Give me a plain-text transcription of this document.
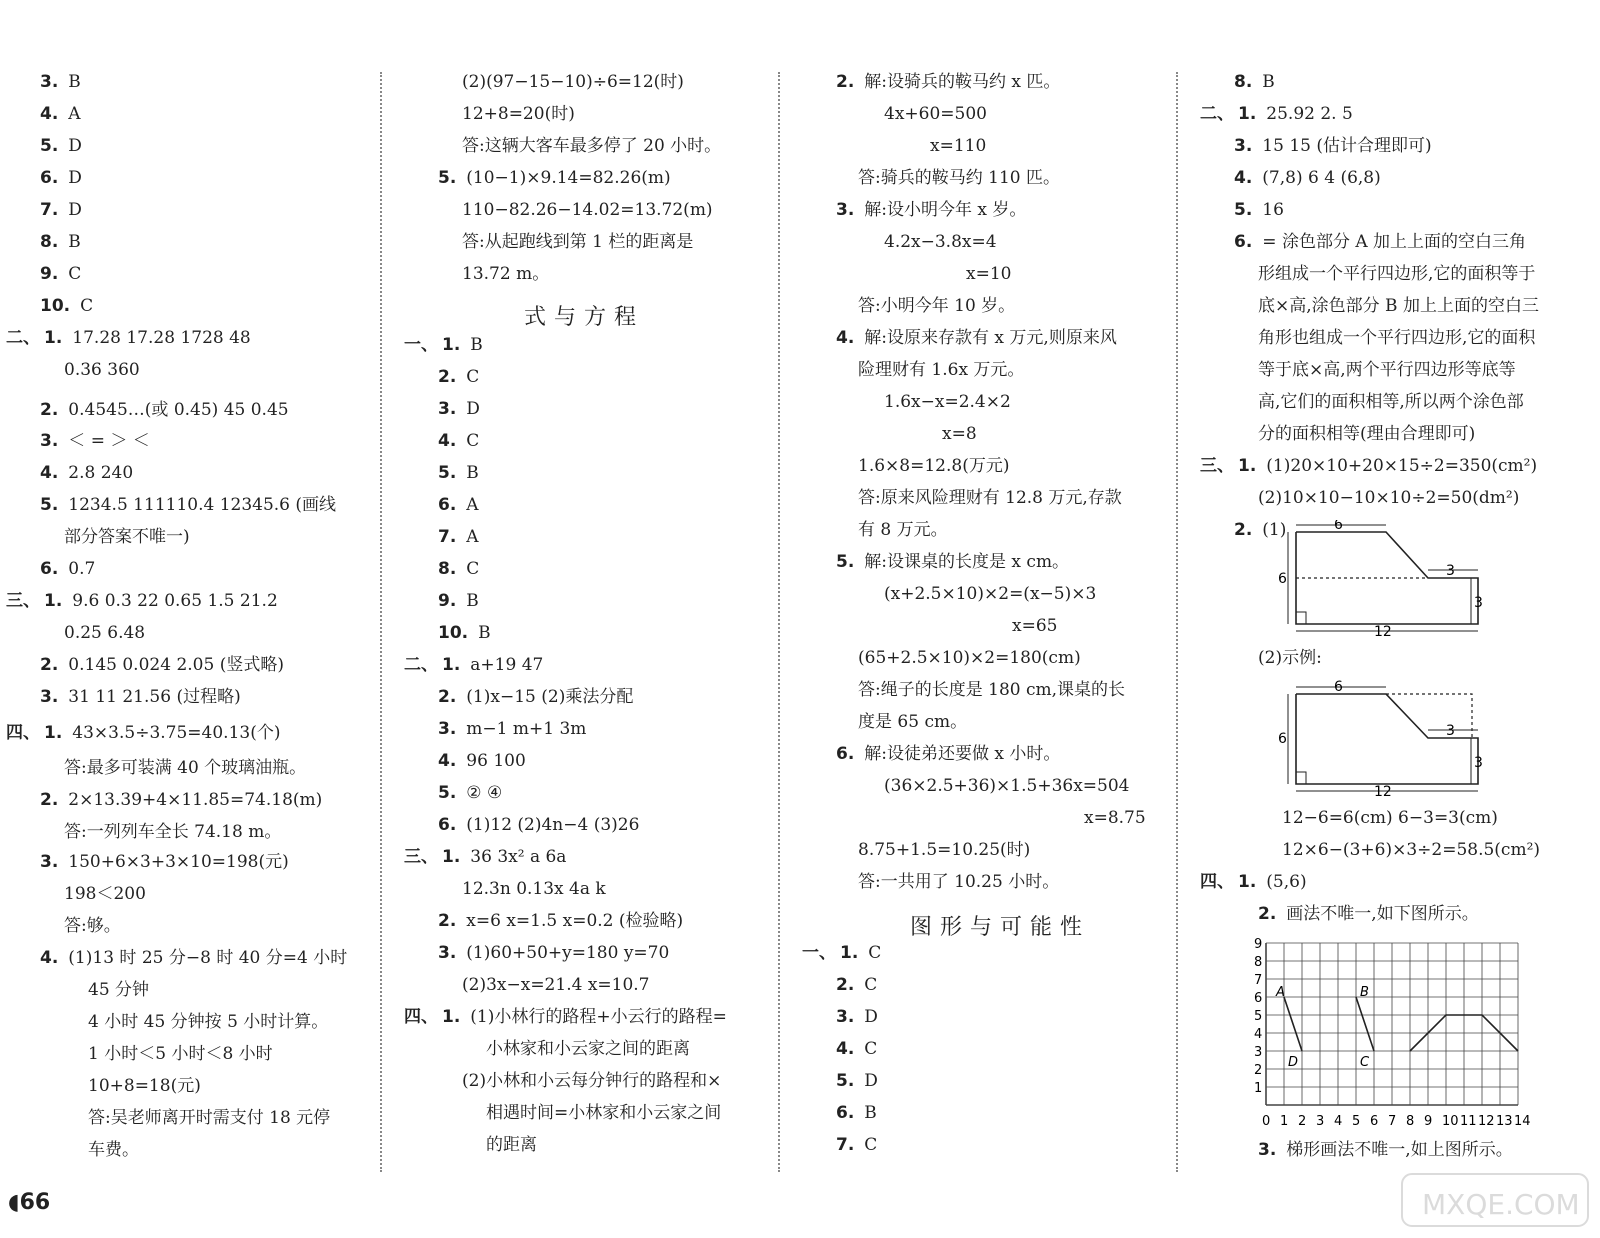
3. B
4. A
5. D
6. D
7. D
8. B
9. C
10. C
二、 1. 17.28 17.28 1728 48
0.36 360
2. 0.4545…(或 0.45) 45 0.45
3. ＜ = ＞ ＜
4. 2.8 240
5. 1234.5 111110.4 12345.6 (画线
部分答案不唯一)
6. 0.7
三、 1. 9.6 0.3 22 0.65 1.5 21.2
0.25 6.48
2. 0.145 0.024 2.05 (竖式略)
3. 31 11 21.56 (过程略)
四、 1. 43×3.5÷3.75=40.13(个)
答:最多可装满 40 个玻璃油瓶。
2. 2×13.39+4×11.85=74.18(m)
答:一列列车全长 74.18 m。
3. 150+6×3+3×10=198(元)
198＜200
答:够。
4. (1)13 时 25 分−8 时 40 分=4 小时
45 分钟
4 小时 45 分钟按 5 小时计算。
1 小时＜5 小时＜8 小时
10+8=18(元)
答:吴老师离开时需支付 18 元停
车费。
(2)(97−15−10)÷6=12(时)
12+8=20(时)
答:这辆大客车最多停了 20 小时。
5. (10−1)×9.14=82.26(m)
110−82.26−14.02=13.72(m)
答:从起跑线到第 1 栏的距离是
13.72 m。
一、 1. B
2. C
3. D
4. C
5. B
6. A
7. A
8. C
9. B
10. B
二、 1. a+19 47
2. (1)x−15 (2)乘法分配
3. m−1 m+1 3m
4. 96 100
5. ② ④
6. (1)12 (2)4n−4 (3)26
三、 1. 36 3x² a 6a
12.3n 0.13x 4a k
2. x=6 x=1.5 x=0.2 (检验略)
3. (1)60+50+y=180 y=70
(2)3x−x=21.4 x=10.7
四、 1. (1)小林行的路程+小云行的路程=
小林家和小云家之间的距离
(2)小林和小云每分钟行的路程和×
相遇时间=小林家和小云家之间
的距离
2. 解:设骑兵的鞍马约 x 匹。
4x+60=500
x=110
答:骑兵的鞍马约 110 匹。
3. 解:设小明今年 x 岁。
4.2x−3.8x=4
x=10
答:小明今年 10 岁。
4. 解:设原来存款有 x 万元,则原来风
险理财有 1.6x 万元。
1.6x−x=2.4×2
x=8
1.6×8=12.8(万元)
答:原来风险理财有 12.8 万元,存款
有 8 万元。
5. 解:设课桌的长度是 x cm。
(x+2.5×10)×2=(x−5)×3
x=65
(65+2.5×10)×2=180(cm)
答:绳子的长度是 180 cm,课桌的长
度是 65 cm。
6. 解:设徒弟还要做 x 小时。
(36×2.5+36)×1.5+36x=504
x=8.75
8.75+1.5=10.25(时)
答:一共用了 10.25 小时。
一、 1. C
2. C
3. D
4. C
5. D
6. B
7. C
8. B
二、 1. 25.92 2. 5
3. 15 15 (估计合理即可)
4. (7,8) 6 4 (6,8)
5. 16
6. = 涂色部分 A 加上上面的空白三角
形组成一个平行四边形,它的面积等于
底×高,涂色部分 B 加上上面的空白三
角形也组成一个平行四边形,它的面积
等于底×高,两个平行四边形等底等
高,它们的面积相等,所以两个涂色部
分的面积相等(理由合理即可)
三、 1. (1)20×10+20×15÷2=350(cm²)
(2)10×10−10×10÷2=50(dm²)
2. (1)
(2)示例:
12−6=6(cm) 6−3=3(cm)
12×6−(3+6)×3÷2=58.5(cm²)
四、 1. (5,6)
2. 画法不唯一,如下图所示。
3. 梯形画法不唯一,如上图所示。
式与方程
图形与可能性
6
3
3
6
12
6
3
3
6
12
A	B
C
D
0 1 2 3 4 5 6 7 8 9 10 11 12 13 14
1
2
3
4
5
6
7
8
9
◖66	MXQE.COM
